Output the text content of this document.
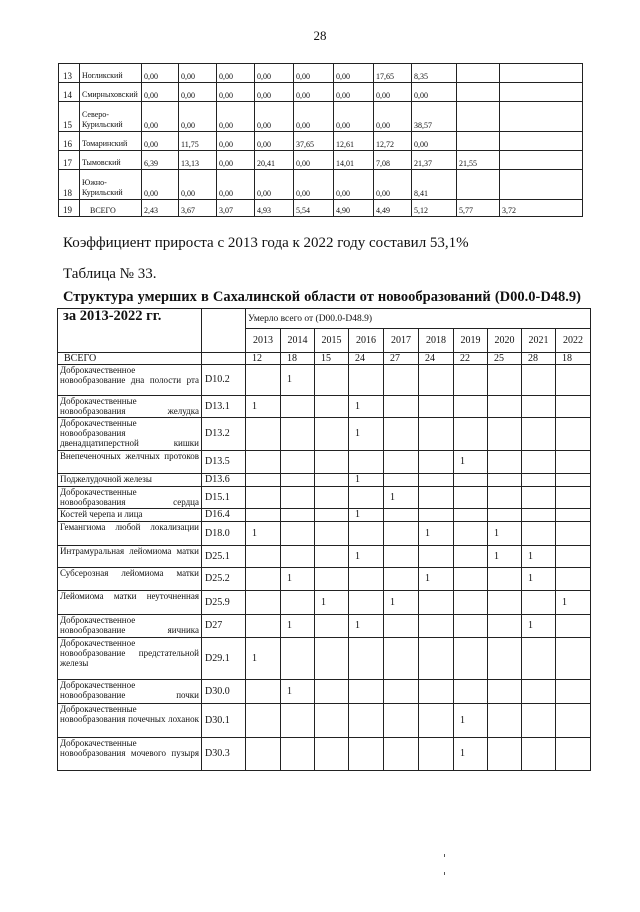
28
13	Ногликский	0,00	0,00	0,00	0,00	0,00	0,00	17,65	8,35		
14	Смирныховский	0,00	0,00	0,00	0,00	0,00	0,00	0,00	0,00		
15	Северо-Курильский	0,00	0,00	0,00	0,00	0,00	0,00	0,00	38,57		
16	Томаринский	0,00	11,75	0,00	0,00	37,65	12,61	12,72	0,00		
17	Тымовский	6,39	13,13	0,00	20,41	0,00	14,01	7,08	21,37	21,55	
18	Южно-Курильский	0,00	0,00	0,00	0,00	0,00	0,00	0,00	8,41		
19	ВСЕГО	2,43	3,67	3,07	4,93	5,54	4,90	4,49	5,12	5,77	3,72
Коэффициент прироста с 2013 года к 2022 году составил 53,1%
Таблица № 33.
Структура умерших в Сахалинской области от новообразований (D00.0-D48.9) за 2013-2022 гг.
			Умерло всего от (D00.0-D48.9)									
		2013	2014	2015	2016	2017	2018	2019	2020	2021	2022
ВСЕГО		12	18	15	24	27	24	22	25	28	18
Доброкачественное новообразование дна полости рта	D10.2		1								
Доброкачественные новообразования желудка	D13.1	1			1						
Доброкачественные новообразования двенадцатиперстной кишки	D13.2				1						
Внепеченочных желчных протоков	D13.5							1			
Поджелудочной железы	D13.6				1						
Доброкачественные новообразования сердца	D15.1					1					
Костей черепа и лица	D16.4				1						
Гемангиома любой локализации	D18.0	1					1		1		
Интрамуральная лейомиома матки	D25.1				1				1	1	
Субсерозная лейомиома матки	D25.2		1				1			1	
Лейомиома матки неуточненная	D25.9			1		1					1
Доброкачественное новообразование яичника	D27		1		1					1	
Доброкачественное новообразование предстательной железы	D29.1	1									
Доброкачественное новообразование почки	D30.0		1								
Доброкачественные новообразования почечных лоханок	D30.1							1			
Доброкачественные новообразования мочевого пузыря	D30.3							1			
